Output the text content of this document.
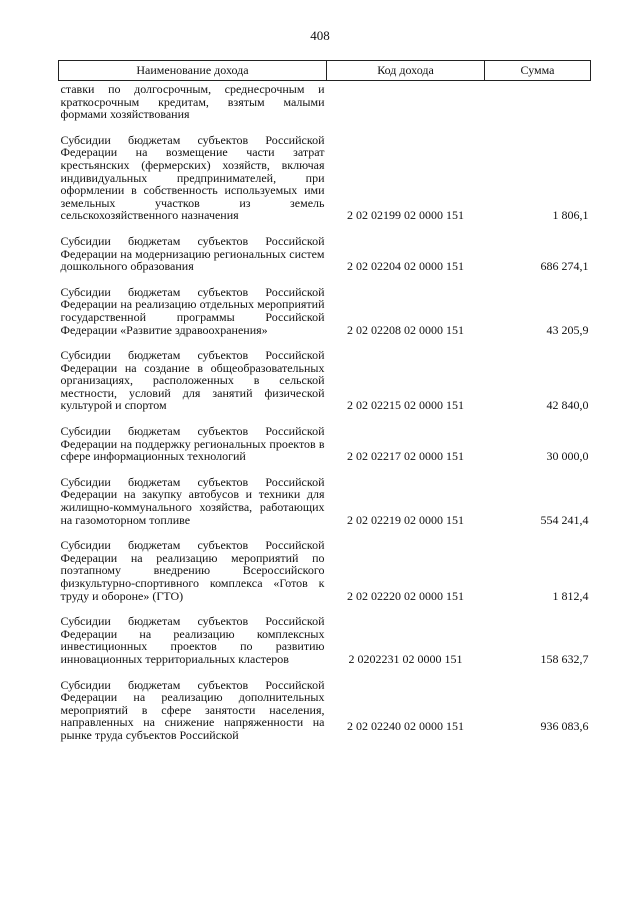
408
Наименование дохода	Код дохода	Сумма
ставки по долгосрочным, среднесрочным и краткосрочным кредитам, взятым малыми формами хозяйствования		
Субсидии бюджетам субъектов Российской Федерации на возмещение части затрат крестьянских (фермерских) хозяйств, включая индивидуальных предпринимателей, при оформлении в собственность используемых ими земельных участков из земель сельскохозяйственного назначения	2 02 02199 02 0000 151	1 806,1
Субсидии бюджетам субъектов Российской Федерации на модернизацию региональных систем дошкольного образования	2 02 02204 02 0000 151	686 274,1
Субсидии бюджетам субъектов Российской Федерации на реализацию отдельных мероприятий государственной программы Российской Федерации «Развитие здравоохранения»	2 02 02208 02 0000 151	43 205,9
Субсидии бюджетам субъектов Российской Федерации на создание в общеобразовательных организациях, расположенных в сельской местности, условий для занятий физической культурой и спортом	2 02 02215 02 0000 151	42 840,0
Субсидии бюджетам субъектов Российской Федерации на поддержку региональных проектов в сфере информационных технологий	2 02 02217 02 0000 151	30 000,0
Субсидии бюджетам субъектов Российской Федерации на закупку автобусов и техники для жилищно-коммунального хозяйства, работающих на газомоторном топливе	2 02 02219 02 0000 151	554 241,4
Субсидии бюджетам субъектов Российской Федерации на реализацию мероприятий по поэтапному внедрению Всероссийского физкультурно-спортивного комплекса «Готов к труду и обороне» (ГТО)	2 02 02220 02 0000 151	1 812,4
Субсидии бюджетам субъектов Российской Федерации на реализацию комплексных инвестиционных проектов по развитию инновационных территориальных кластеров	2 0202231 02 0000 151	158 632,7
Субсидии бюджетам субъектов Российской Федерации на реализацию дополнительных мероприятий в сфере занятости населения, направленных на снижение напряженности на рынке труда субъектов Российской	2 02 02240 02 0000 151	936 083,6
